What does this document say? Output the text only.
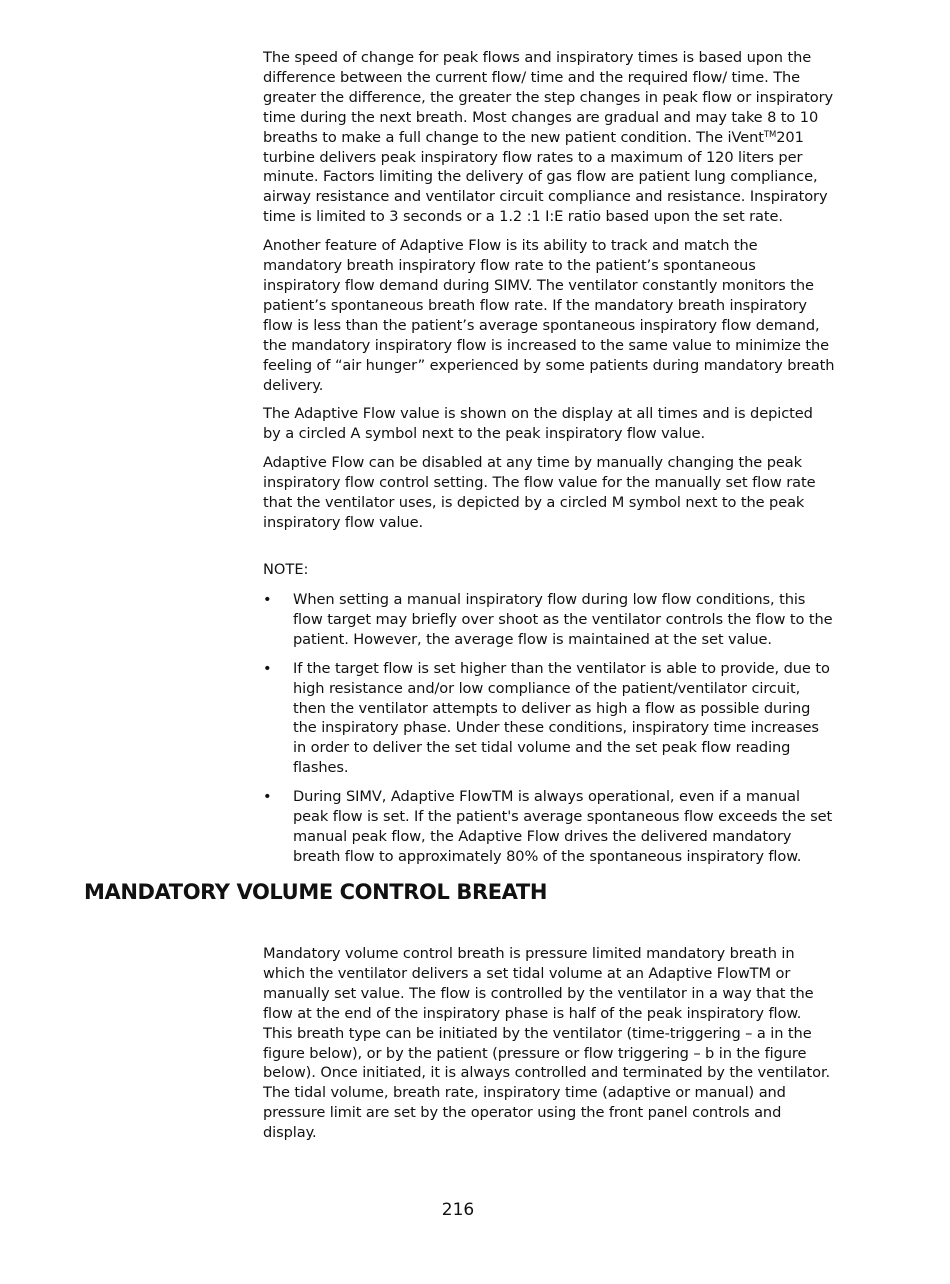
The speed of change for peak flows and inspiratory times is based upon the difference between the current flow/ time and the required flow/ time. The greater the difference, the greater the step changes in peak flow or inspiratory time during the next breath. Most changes are gradual and may take 8 to 10 breaths to make a full change to the new patient condition. The iVent™201 turbine delivers peak inspiratory flow rates to a maximum of 120 liters per minute. Factors limiting the delivery of gas flow are patient lung compliance, airway resistance and ventilator circuit compliance and resistance. Inspiratory time is limited to 3 seconds or a 1.2 :1 I:E ratio based upon the set rate.

Another feature of Adaptive Flow is its ability to track and match the mandatory breath inspiratory flow rate to the patient’s spontaneous inspiratory flow demand during SIMV. The ventilator constantly monitors the patient’s spontaneous breath flow rate. If the mandatory breath inspiratory flow is less than the patient’s average spontaneous inspiratory flow demand, the mandatory inspiratory flow is increased to the same value to minimize the feeling of “air hunger” experienced by some patients during mandatory breath delivery.

The Adaptive Flow value is shown on the display at all times and is depicted by a circled A symbol next to the peak inspiratory flow value.

Adaptive Flow can be disabled at any time by manually changing the peak inspiratory flow control setting. The flow value for the manually set flow rate that the ventilator uses, is depicted by a circled M symbol next to the peak inspiratory flow value.

NOTE:
• When setting a manual inspiratory flow during low flow conditions, this flow target may briefly over shoot as the ventilator controls the flow to the patient. However, the average flow is maintained at the set value.
• If the target flow is set higher than the ventilator is able to provide, due to high resistance and/or low compliance of the patient/ventilator circuit, then the ventilator attempts to deliver as high a flow as possible during the inspiratory phase. Under these conditions, inspiratory time increases in order to deliver the set tidal volume and the set peak flow reading flashes.
• During SIMV, Adaptive FlowTM is always operational, even if a manual peak flow is set. If the patient's average spontaneous flow exceeds the set manual peak flow, the Adaptive Flow drives the delivered mandatory breath flow to approximately 80% of the spontaneous inspiratory flow.
MANDATORY VOLUME CONTROL BREATH

Mandatory volume control breath is pressure limited mandatory breath in which the ventilator delivers a set tidal volume at an Adaptive FlowTM or manually set value. The flow is controlled by the ventilator in a way that the flow at the end of the inspiratory phase is half of the peak inspiratory flow. This breath type can be initiated by the ventilator (time-triggering – a in the figure below), or by the patient (pressure or flow triggering – b in the figure below). Once initiated, it is always controlled and terminated by the ventilator. The tidal volume, breath rate, inspiratory time (adaptive or manual) and pressure limit are set by the operator using the front panel controls and display.

216
